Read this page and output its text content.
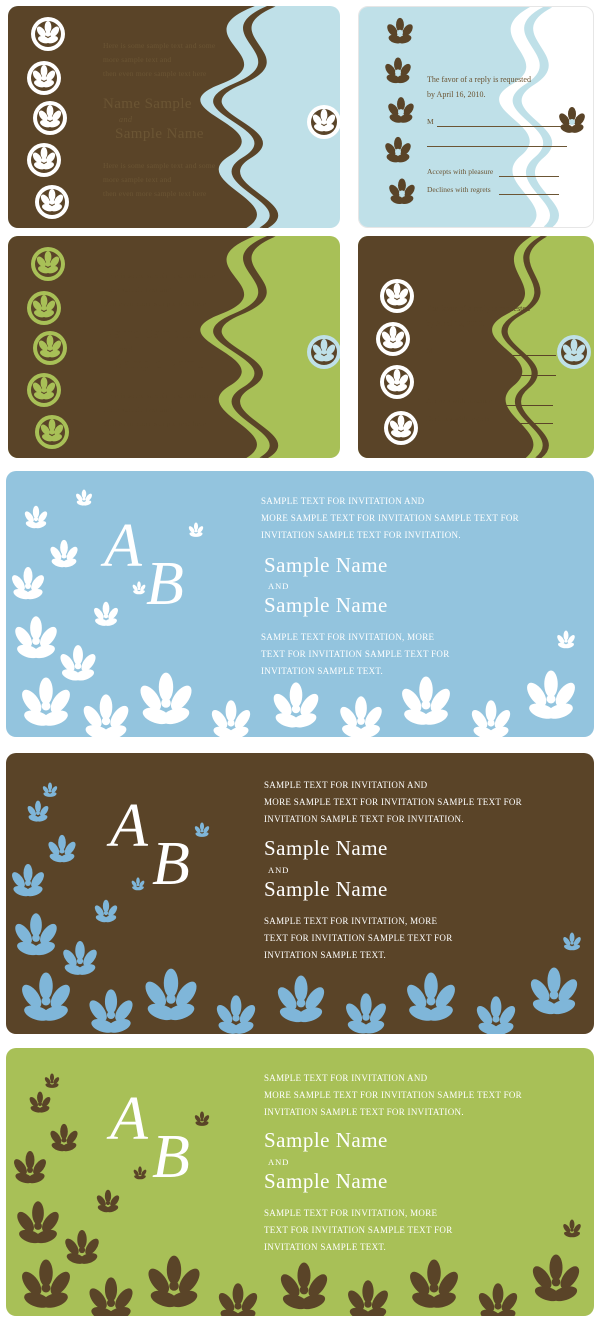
Here is some sample text and some
more sample text and
then even more sample text here
Name Sample
and
Sample Name
Here is some sample text and some
more sample text and
then even more sample text here
The favor of a reply is requested
by April 16, 2010.
M
Accepts with pleasure
Declines with regrets
Here is some sample text and some
more sample text and
then even more sample text here
Name Sample
and
Sample Name
Here is some sample text and some
more sample text and
then even more sample text here
The favor of a reply is requested
by April 16, 2010.
M
Accepts with pleasure
Declines with regrets
A
B
SAMPLE TEXT FOR INVITATION AND
MORE SAMPLE TEXT FOR INVITATION SAMPLE TEXT FOR
INVITATION SAMPLE TEXT FOR INVITATION.
Sample Name
AND
Sample Name
SAMPLE TEXT FOR INVITATION, MORE
TEXT FOR INVITATION SAMPLE TEXT FOR
INVITATION SAMPLE TEXT.
A
B
SAMPLE TEXT FOR INVITATION AND
MORE SAMPLE TEXT FOR INVITATION SAMPLE TEXT FOR
INVITATION SAMPLE TEXT FOR INVITATION.
Sample Name
AND
Sample Name
SAMPLE TEXT FOR INVITATION, MORE
TEXT FOR INVITATION SAMPLE TEXT FOR
INVITATION SAMPLE TEXT.
A
B
SAMPLE TEXT FOR INVITATION AND
MORE SAMPLE TEXT FOR INVITATION SAMPLE TEXT FOR
INVITATION SAMPLE TEXT FOR INVITATION.
Sample Name
AND
Sample Name
SAMPLE TEXT FOR INVITATION, MORE
TEXT FOR INVITATION SAMPLE TEXT FOR
INVITATION SAMPLE TEXT.
